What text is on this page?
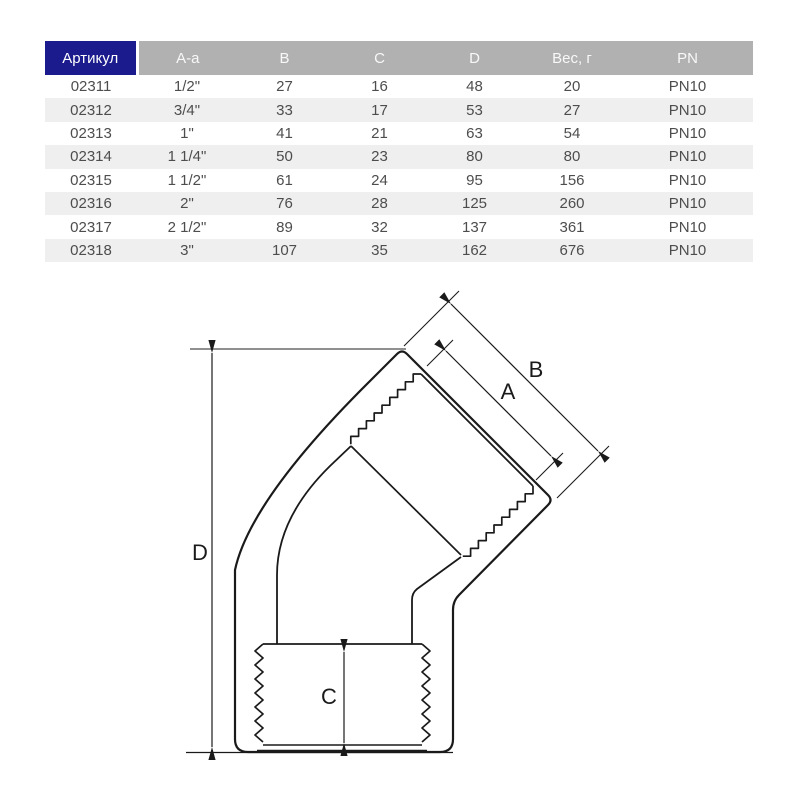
Артикул	А-а	В	С	D	Вес, г	PN
02311	1/2"	27	16	48	20	PN10
02312	3/4"	33	17	53	27	PN10
02313	1"	41	21	63	54	PN10
02314	1 1/4"	50	23	80	80	PN10
02315	1 1/2"	61	24	95	156	PN10
02316	2"	76	28	125	260	PN10
02317	2 1/2"	89	32	137	361	PN10
02318	3"	107	35	162	676	PN10
D
C
A
B
